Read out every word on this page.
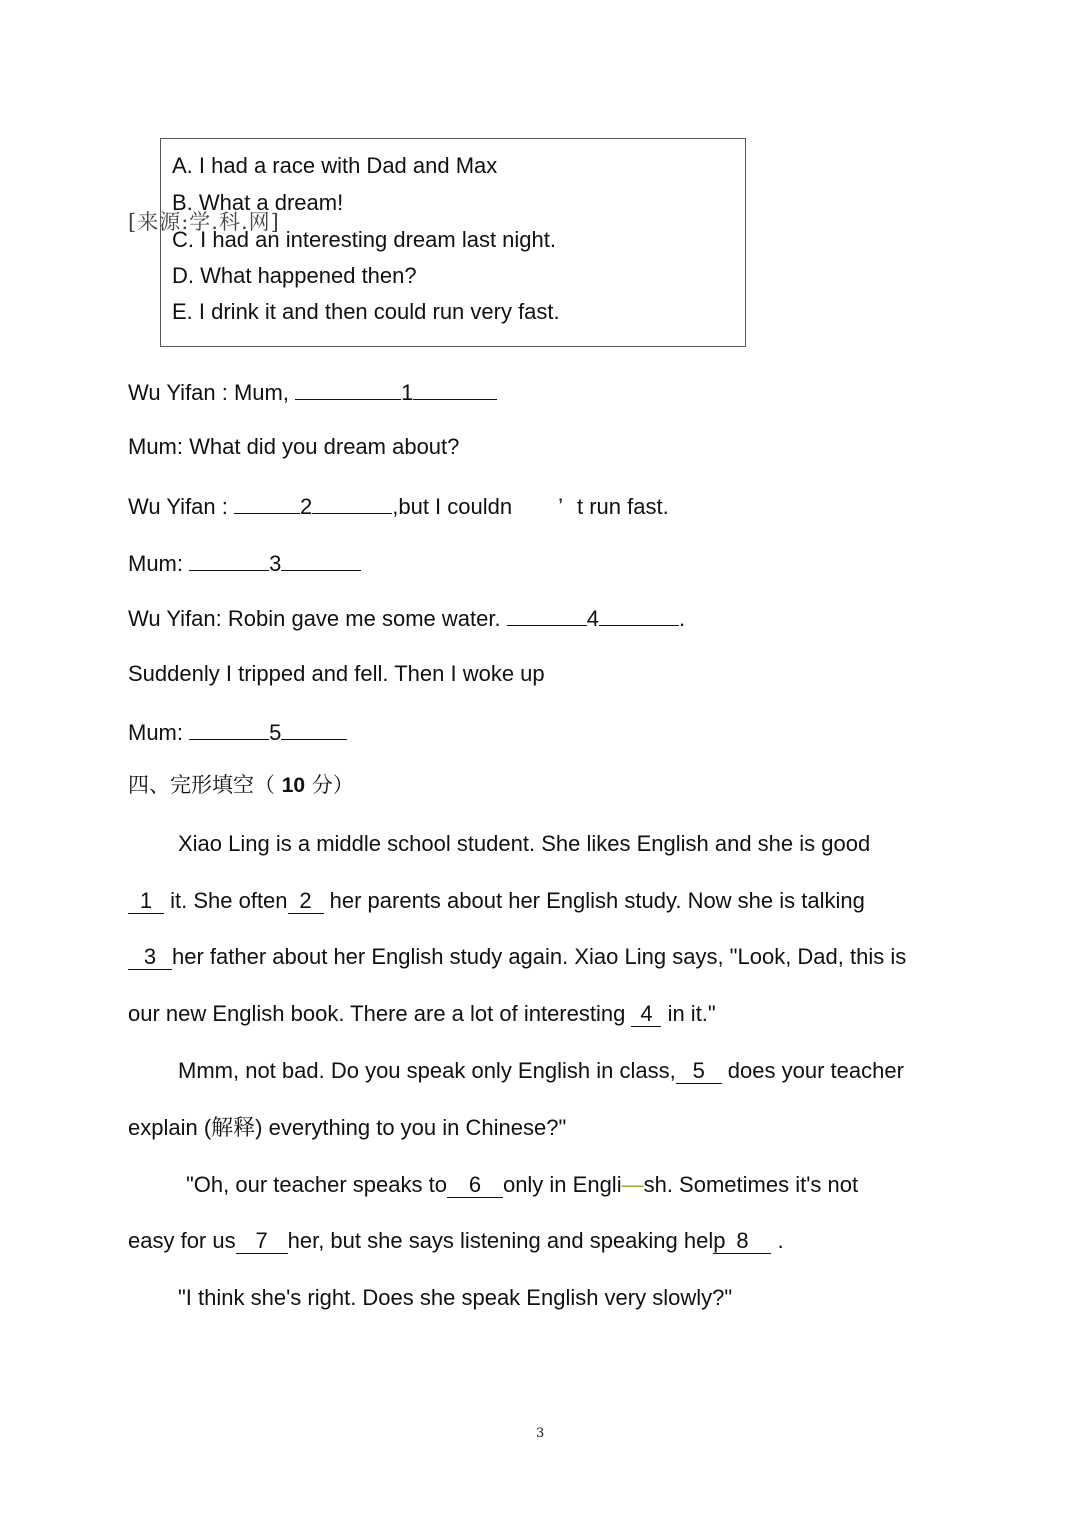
A. I had a race with Dad and Max
B. What a dream!
C. I had an interesting dream last night.
D. What happened then?
E. I drink it and then could run very fast.
[来源:学.科.网]
Wu Yifan : Mum,	1
Mum: What did you dream about?
Wu Yifan :	2	,but I couldn ’ t run fast.
Mum:	3
Wu Yifan: Robin gave me some water.	4	.
Suddenly I tripped and fell. Then I woke up
Mum:	5
四、完形填空（ 10 分）
Xiao Ling is a middle school student. She likes English and she is good
1 it. She often 2 her parents about her English study. Now she is talking
3 her father about her English study again. Xiao Ling says, "Look, Dad, this is
our new English book. There are a lot of interesting 4 in it."
Mmm, not bad. Do you speak only English in class, 5 does your teacher
explain (解释) everything to you in Chinese?"
"Oh, our teacher speaks to 6 only in Engli—sh. Sometimes it's not
easy for us 7 her, but she says listening and speaking help 8 .
"I think she's right. Does she speak English very slowly?"
3
